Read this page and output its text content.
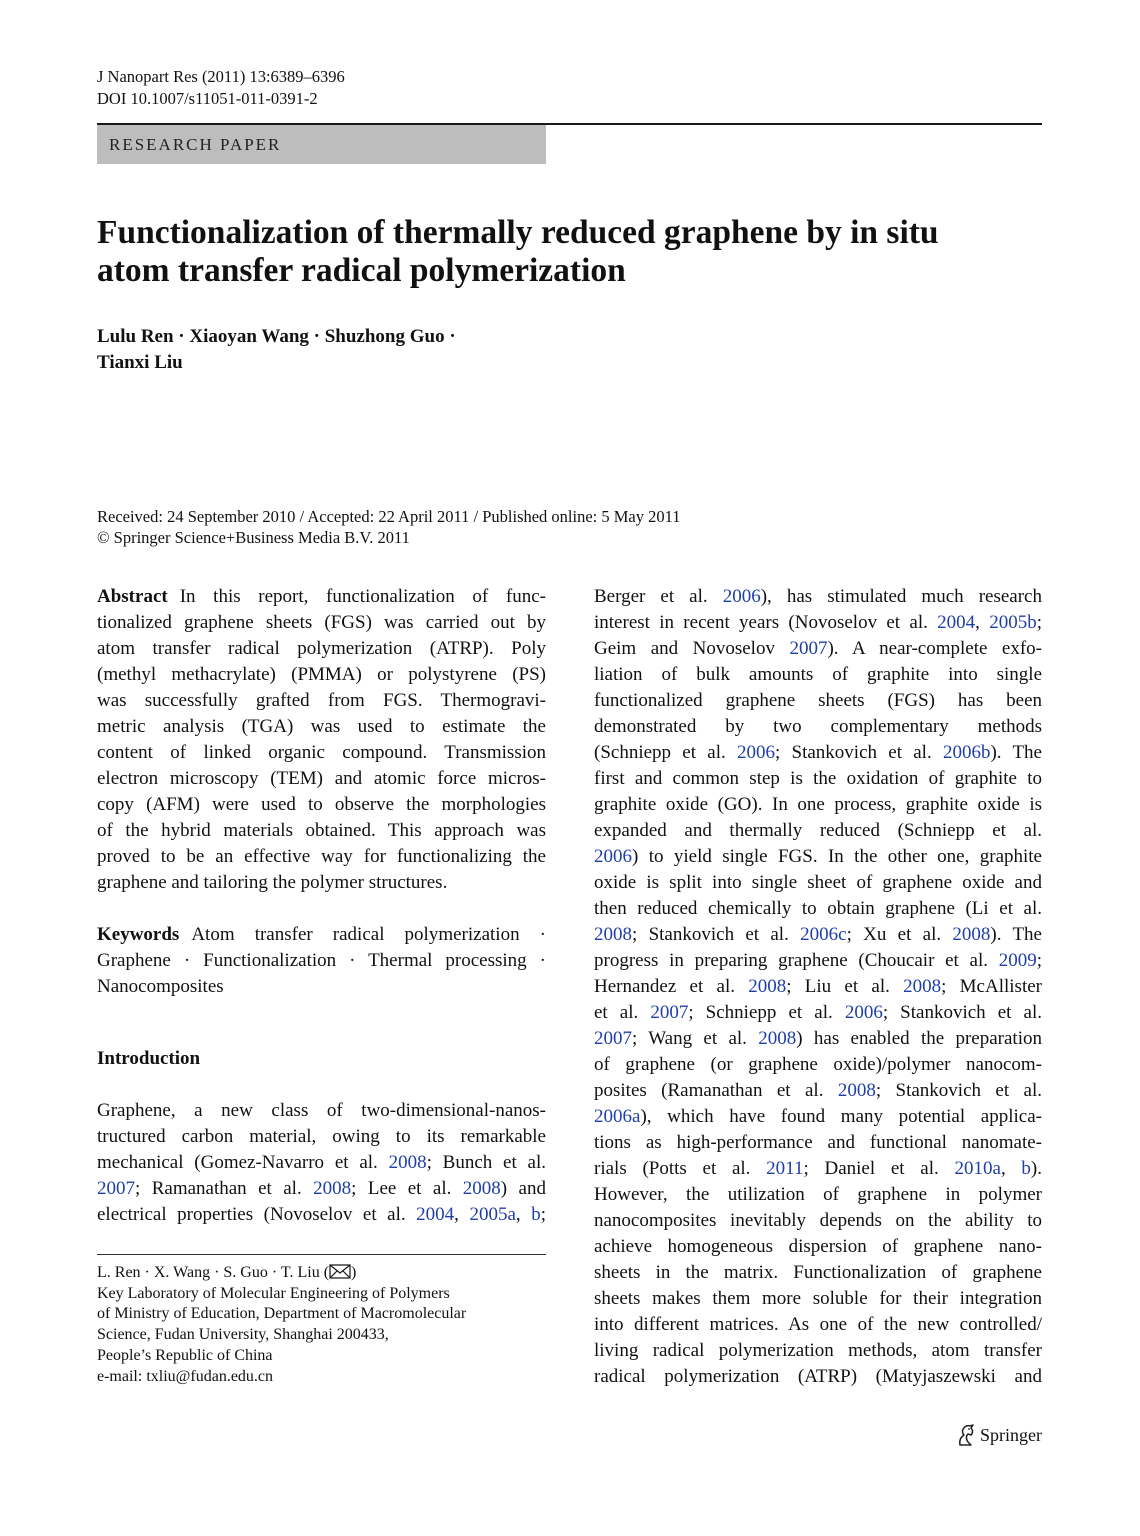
J Nanopart Res (2011) 13:6389–6396
DOI 10.1007/s11051-011-0391-2
RESEARCH PAPER
Functionalization of thermally reduced graphene by in situ
atom transfer radical polymerization
Lulu Ren · Xiaoyan Wang · Shuzhong Guo ·
Tianxi Liu
Received: 24 September 2010 / Accepted: 22 April 2011 / Published online: 5 May 2011
© Springer Science+Business Media B.V. 2011
Abstract In this report, functionalization of func-
tionalized graphene sheets (FGS) was carried out by
atom transfer radical polymerization (ATRP). Poly
(methyl methacrylate) (PMMA) or polystyrene (PS)
was successfully grafted from FGS. Thermogravi-
metric analysis (TGA) was used to estimate the
content of linked organic compound. Transmission
electron microscopy (TEM) and atomic force micros-
copy (AFM) were used to observe the morphologies
of the hybrid materials obtained. This approach was
proved to be an effective way for functionalizing the
graphene and tailoring the polymer structures.
Keywords Atom transfer radical polymerization ·
Graphene · Functionalization · Thermal processing ·
Nanocomposites
Introduction
Graphene, a new class of two-dimensional-nanos-
tructured carbon material, owing to its remarkable
mechanical (Gomez-Navarro et al. 2008; Bunch et al.
2007; Ramanathan et al. 2008; Lee et al. 2008) and
electrical properties (Novoselov et al. 2004, 2005a, b;
Berger et al. 2006), has stimulated much research
interest in recent years (Novoselov et al. 2004, 2005b;
Geim and Novoselov 2007). A near-complete exfo-
liation of bulk amounts of graphite into single
functionalized graphene sheets (FGS) has been
demonstrated by two complementary methods
(Schniepp et al. 2006; Stankovich et al. 2006b). The
first and common step is the oxidation of graphite to
graphite oxide (GO). In one process, graphite oxide is
expanded and thermally reduced (Schniepp et al.
2006) to yield single FGS. In the other one, graphite
oxide is split into single sheet of graphene oxide and
then reduced chemically to obtain graphene (Li et al.
2008; Stankovich et al. 2006c; Xu et al. 2008). The
progress in preparing graphene (Choucair et al. 2009;
Hernandez et al. 2008; Liu et al. 2008; McAllister
et al. 2007; Schniepp et al. 2006; Stankovich et al.
2007; Wang et al. 2008) has enabled the preparation
of graphene (or graphene oxide)/polymer nanocom-
posites (Ramanathan et al. 2008; Stankovich et al.
2006a), which have found many potential applica-
tions as high-performance and functional nanomate-
rials (Potts et al. 2011; Daniel et al. 2010a, b).
However, the utilization of graphene in polymer
nanocomposites inevitably depends on the ability to
achieve homogeneous dispersion of graphene nano-
sheets in the matrix. Functionalization of graphene
sheets makes them more soluble for their integration
into different matrices. As one of the new controlled/
living radical polymerization methods, atom transfer
radical polymerization (ATRP) (Matyjaszewski and
L. Ren · X. Wang · S. Guo · T. Liu ( )
Key Laboratory of Molecular Engineering of Polymers
of Ministry of Education, Department of Macromolecular
Science, Fudan University, Shanghai 200433,
People’s Republic of China
e-mail: txliu@fudan.edu.cn
Springer
